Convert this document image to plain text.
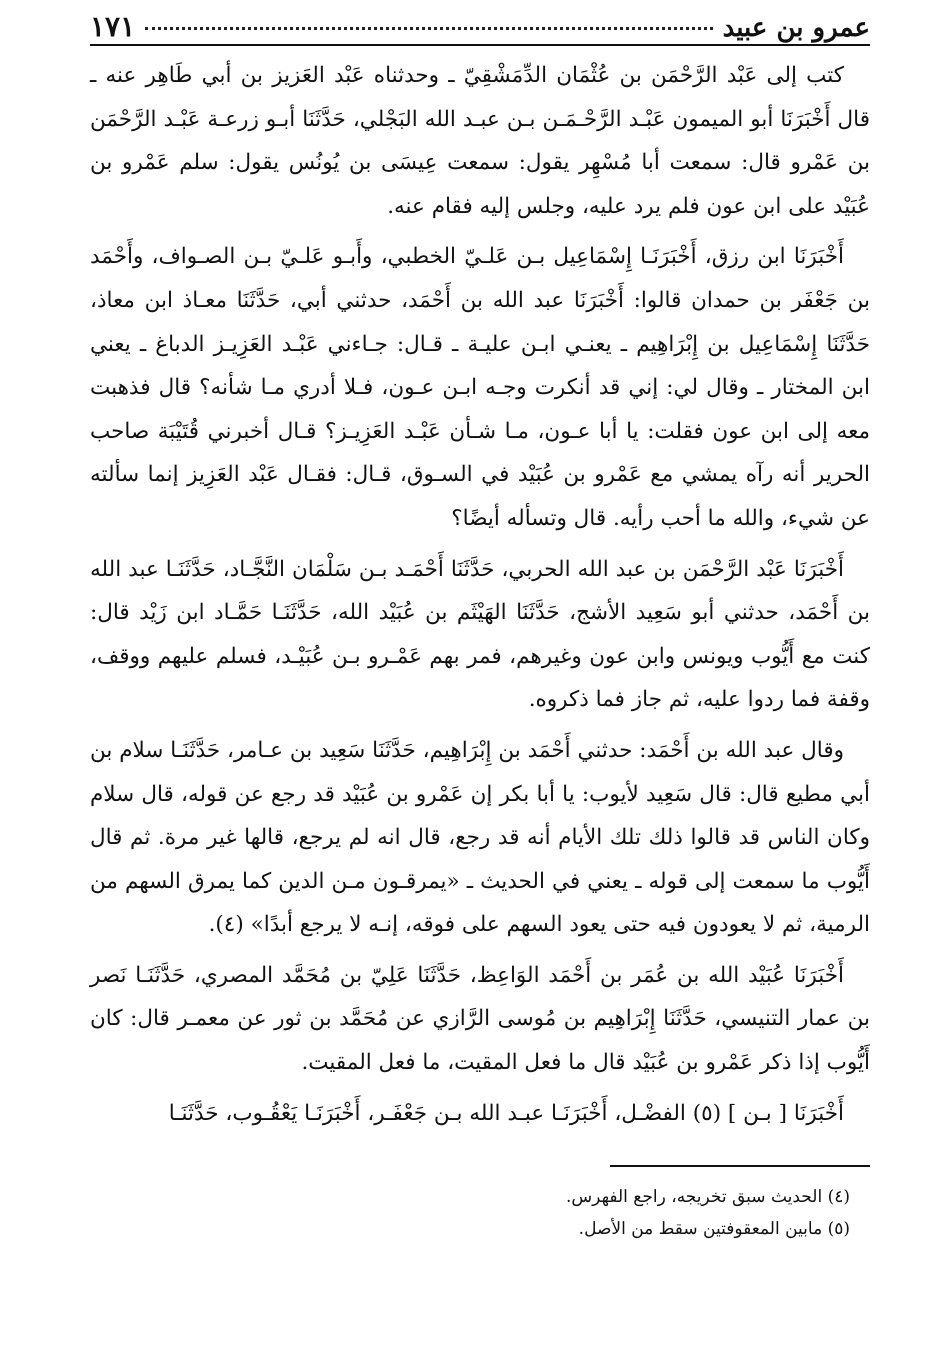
عمرو بن عبيد
١٧١

كتب إلى عَبْد الرَّحْمَن بن عُثْمَان الدِّمَشْقِيّ ـ وحدثناه عَبْد العَزيز بن أبي طَاهِر عنه ـ قال أَخْبَرَنَا أبو الميمون عَبْـد الرَّحْـمَـن بـن عبـد الله البَجْلي، حَدَّثَنَا أبـو زرعـة عَبْـد الرَّحْمَن بن عَمْرو قال: سمعت أبا مُسْهِر يقول: سمعت عِيسَى بن يُونُس يقول: سلم عَمْرو بن عُبَيْد على ابن عون فلم يرد عليه، وجلس إليه فقام عنه.

أَخْبَرَنَا ابن رزق، أَخْبَرَنَـا إِسْمَاعِيل بـن عَلـيّ الخطبي، وأَبـو عَلـيّ بـن الصـواف، وأَحْمَد بن جَعْفَر بن حمدان قالوا: أَخْبَرَنَا عبد الله بن أَحْمَد، حدثني أبي، حَدَّثَنَا معـاذ ابن معاذ، حَدَّثَنَا إِسْمَاعِيل بن إِبْرَاهِيم ـ يعنـي ابـن عليـة ـ قـال: جـاءني عَبْـد العَزِيـز الدباغ ـ يعني ابن المختار ـ وقال لي: إني قد أنكرت وجـه ابـن عـون، فـلا أدري مـا شأنه؟ قال فذهبت معه إلى ابن عون فقلت: يا أبا عـون، مـا شـأن عَبْـد العَزِيـز؟ قـال أخبرني قُتَيْبَة صاحب الحرير أنه رآه يمشي مع عَمْرو بن عُبَيْد في السـوق، قـال: فقـال عَبْد العَزِيز إنما سألته عن شيء، والله ما أحب رأيه. قال وتسأله أيضًا؟

أَخْبَرَنَا عَبْد الرَّحْمَن بن عبد الله الحربي، حَدَّثَنَا أَحْمَـد بـن سَلْمَان النَّجَّـاد، حَدَّثَنَـا عبد الله بن أَحْمَد، حدثني أبو سَعِيد الأشج، حَدَّثَنَا الهَيْثَم بن عُبَيْد الله، حَدَّثَنَـا حَمَّـاد ابن زَيْد قال: كنت مع أَيُّوب ويونس وابن عون وغيرهم، فمر بهم عَمْـرو بـن عُبَيْـد، فسلم عليهم ووقف، وقفة فما ردوا عليه، ثم جاز فما ذكروه.

وقال عبد الله بن أَحْمَد: حدثني أَحْمَد بن إِبْرَاهِيم، حَدَّثَنَا سَعِيد بن عـامر، حَدَّثَنَـا سلام بن أبي مطيع قال: قال سَعِيد لأيوب: يا أبا بكر إن عَمْرو بن عُبَيْد قد رجع عن قوله، قال سلام وكان الناس قد قالوا ذلك تلك الأيام أنه قد رجع، قال انه لم يرجع، قالها غير مرة. ثم قال أَيُّوب ما سمعت إلى قوله ـ يعني في الحديث ـ «يمرقـون مـن الدين كما يمرق السهم من الرمية، ثم لا يعودون فيه حتى يعود السهم على فوقه، إنـه لا يرجع أبدًا» (٤).

أَخْبَرَنَا عُبَيْد الله بن عُمَر بن أَحْمَد الوَاعِظ، حَدَّثَنَا عَلِيّ بن مُحَمَّد المصري، حَدَّثَنَـا نَصر بن عمار التنيسي، حَدَّثَنَا إِبْرَاهِيم بن مُوسى الرَّازي عن مُحَمَّد بن ثور عن معمـر قال: كان أَيُّوب إذا ذكر عَمْرو بن عُبَيْد قال ما فعل المقيت، ما فعل المقيت.

أَخْبَرَنَا [ بـن ] (٥) الفضْـل، أَخْبَرَنَـا عبـد الله بـن جَعْفَـر، أَخْبَرَنَـا يَعْقُـوب، حَدَّثَنَـا

(٤) الحديث سبق تخريجه، راجع الفهرس.
(٥) مابين المعقوفتين سقط من الأصل.
